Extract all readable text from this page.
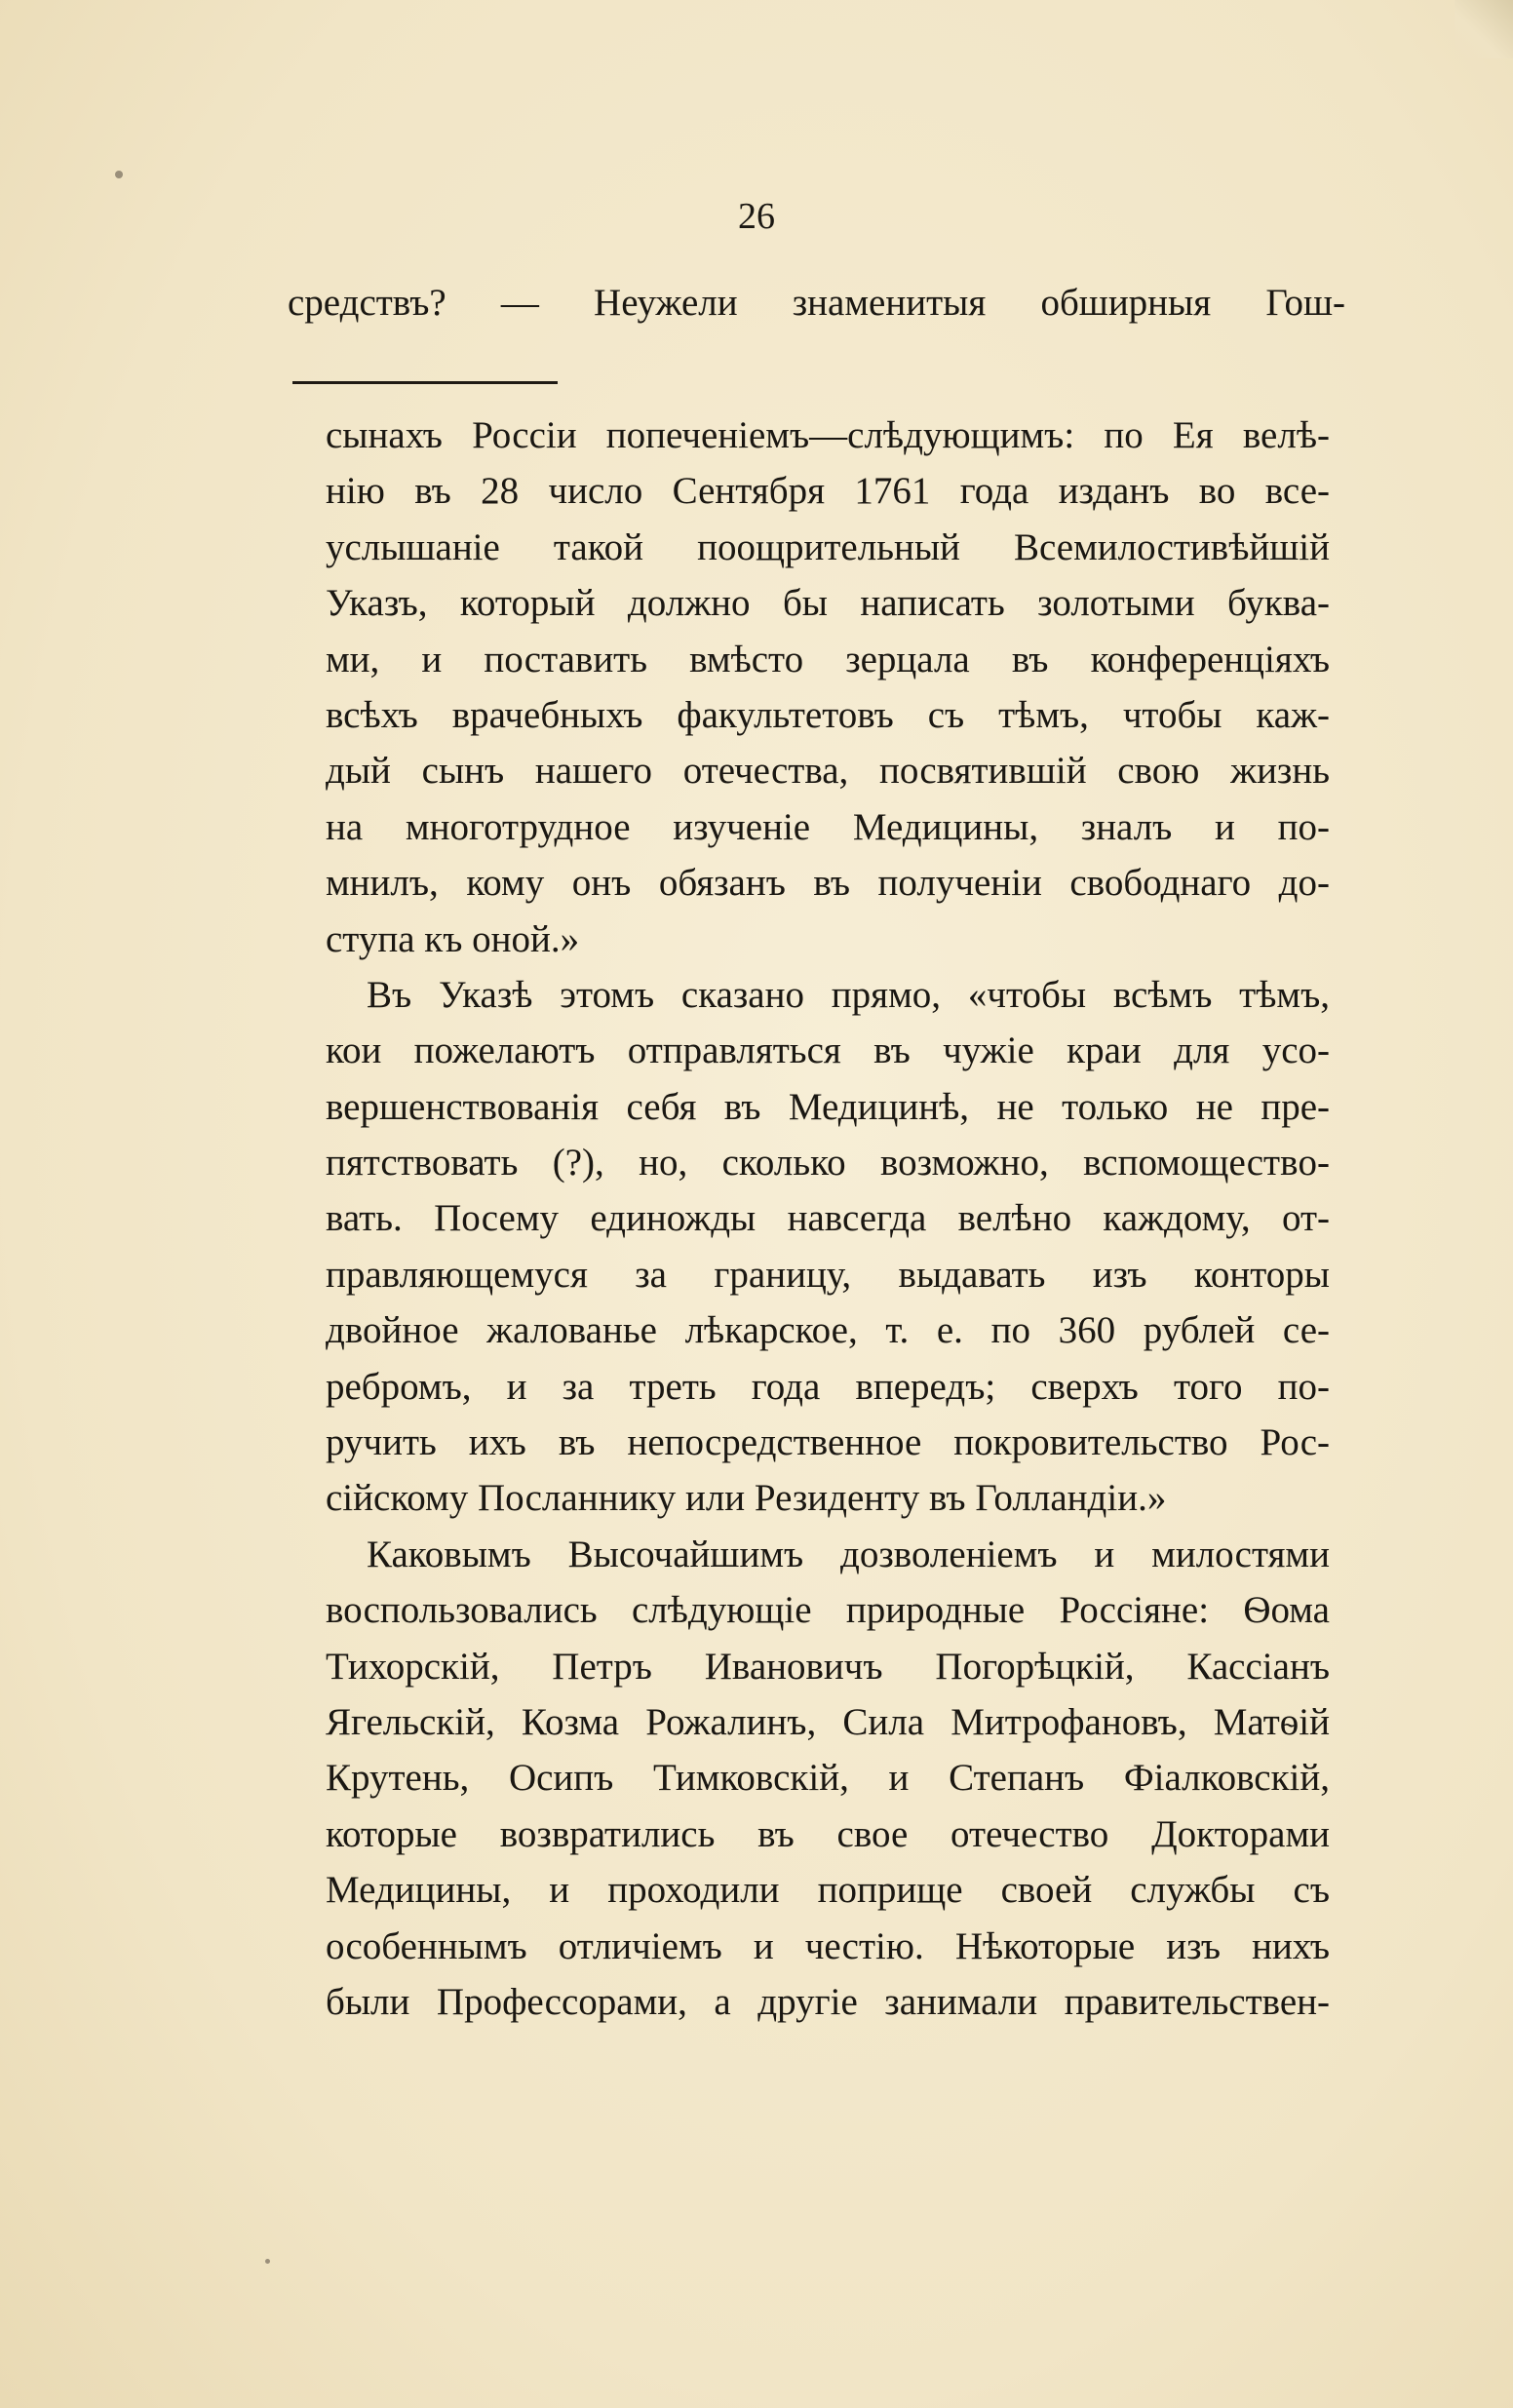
26
средствъ? — Неужели знаменитыя обширныя Гош-
сынахъ Россіи попеченіемъ—слѣдующимъ: по Ея велѣ-
нію въ 28 число Сентября 1761 года изданъ во все-
услышаніе такой поощрительный Всемилостивѣйшій
Указъ, который должно бы написать золотыми буква-
ми, и поставить вмѣсто зерцала въ конференціяхъ
всѣхъ врачебныхъ факультетовъ съ тѣмъ, чтобы каж-
дый сынъ нашего отечества, посвятившій свою жизнь
на многотрудное изученіе Медицины, зналъ и по-
мнилъ, кому онъ обязанъ въ полученіи свободнаго до-
ступа къ оной.»
Въ Указѣ этомъ сказано прямо, «чтобы всѣмъ тѣмъ,
кои пожелаютъ отправляться въ чужіе краи для усо-
вершенствованія себя въ Медицинѣ, не только не пре-
пятствовать (?), но, сколько возможно, вспомоществo-
вать. Посему единожды навсегда велѣно каждому, от-
правляющемуся за границу, выдавать изъ конторы
двойное жалованье лѣкарское, т. е. по 360 рублей се-
ребромъ, и за треть года впередъ; сверхъ того по-
ручить ихъ въ непосредственное покровительство Рос-
сійскому Посланнику или Резиденту въ Голландіи.»
Каковымъ Высочайшимъ дозволеніемъ и милостями
воспользовались слѣдующіе природные Россіяне: Ѳома
Тихорскій, Петръ Ивановичъ Погорѣцкій, Кассіанъ
Ягельскій, Козма Рожалинъ, Сила Митрофановъ, Матѳій
Крутень, Осипъ Тимковскій, и Степанъ Фіалковскій,
которые возвратились въ свое отечество Докторами
Медицины, и проходили поприще своей службы съ
особеннымъ отличіемъ и честію. Нѣкоторые изъ нихъ
были Профессорами, а другіе занимали правительствен-
